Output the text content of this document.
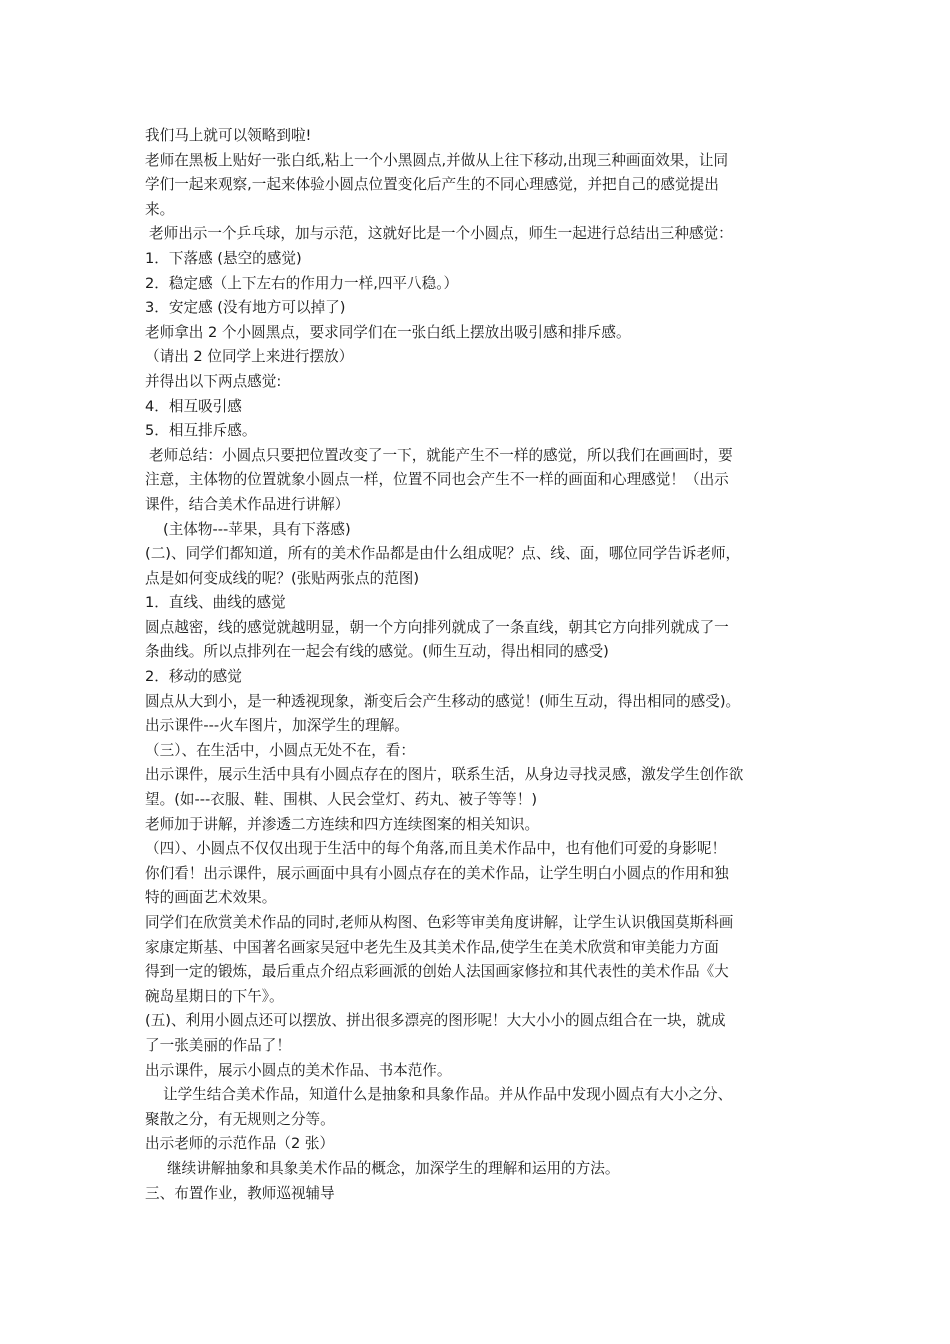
我们马上就可以领略到啦!
老师在黑板上贴好一张白纸,粘上一个小黑圆点,并做从上往下移动,出现三种画面效果，让同
学们一起来观察,一起来体验小圆点位置变化后产生的不同心理感觉，并把自己的感觉提出
来。
老师出示一个乒乓球，加与示范，这就好比是一个小圆点，师生一起进行总结出三种感觉：
1．下落感 (悬空的感觉)
2．稳定感（上下左右的作用力一样,四平八稳。）
3．安定感 (没有地方可以掉了)
老师拿出 2 个小圆黑点，要求同学们在一张白纸上摆放出吸引感和排斥感。
（请出 2 位同学上来进行摆放）
并得出以下两点感觉:
4．相互吸引感
5．相互排斥感。
老师总结：小圆点只要把位置改变了一下，就能产生不一样的感觉，所以我们在画画时，要
注意，主体物的位置就象小圆点一样，位置不同也会产生不一样的画面和心理感觉！（出示
课件，结合美术作品进行讲解）
(主体物---苹果，具有下落感)
(二)、同学们都知道，所有的美术作品都是由什么组成呢？点、线、面，哪位同学告诉老师，
点是如何变成线的呢？(张贴两张点的范图)
1．直线、曲线的感觉
圆点越密，线的感觉就越明显，朝一个方向排列就成了一条直线，朝其它方向排列就成了一
条曲线。所以点排列在一起会有线的感觉。(师生互动，得出相同的感受)
2．移动的感觉
圆点从大到小，是一种透视现象，渐变后会产生移动的感觉！(师生互动，得出相同的感受)。
出示课件---火车图片，加深学生的理解。
（三）、在生活中，小圆点无处不在，看：
出示课件，展示生活中具有小圆点存在的图片，联系生活，从身边寻找灵感，激发学生创作欲
望。(如---衣服、鞋、围棋、人民会堂灯、药丸、被子等等！)
老师加于讲解，并渗透二方连续和四方连续图案的相关知识。
（四）、小圆点不仅仅出现于生活中的每个角落,而且美术作品中，也有他们可爱的身影呢！
你们看！出示课件，展示画面中具有小圆点存在的美术作品，让学生明白小圆点的作用和独
特的画面艺术效果。
同学们在欣赏美术作品的同时,老师从构图、色彩等审美角度讲解，让学生认识俄国莫斯科画
家康定斯基、中国著名画家吴冠中老先生及其美术作品,使学生在美术欣赏和审美能力方面
得到一定的锻炼，最后重点介绍点彩画派的创始人法国画家修拉和其代表性的美术作品《大
碗岛星期日的下午》。
(五)、利用小圆点还可以摆放、拼出很多漂亮的图形呢！大大小小的圆点组合在一块，就成
了一张美丽的作品了！
出示课件，展示小圆点的美术作品、书本范作。
让学生结合美术作品，知道什么是抽象和具象作品。并从作品中发现小圆点有大小之分、
聚散之分，有无规则之分等。
出示老师的示范作品（2 张）
继续讲解抽象和具象美术作品的概念，加深学生的理解和运用的方法。
三、布置作业，教师巡视辅导
